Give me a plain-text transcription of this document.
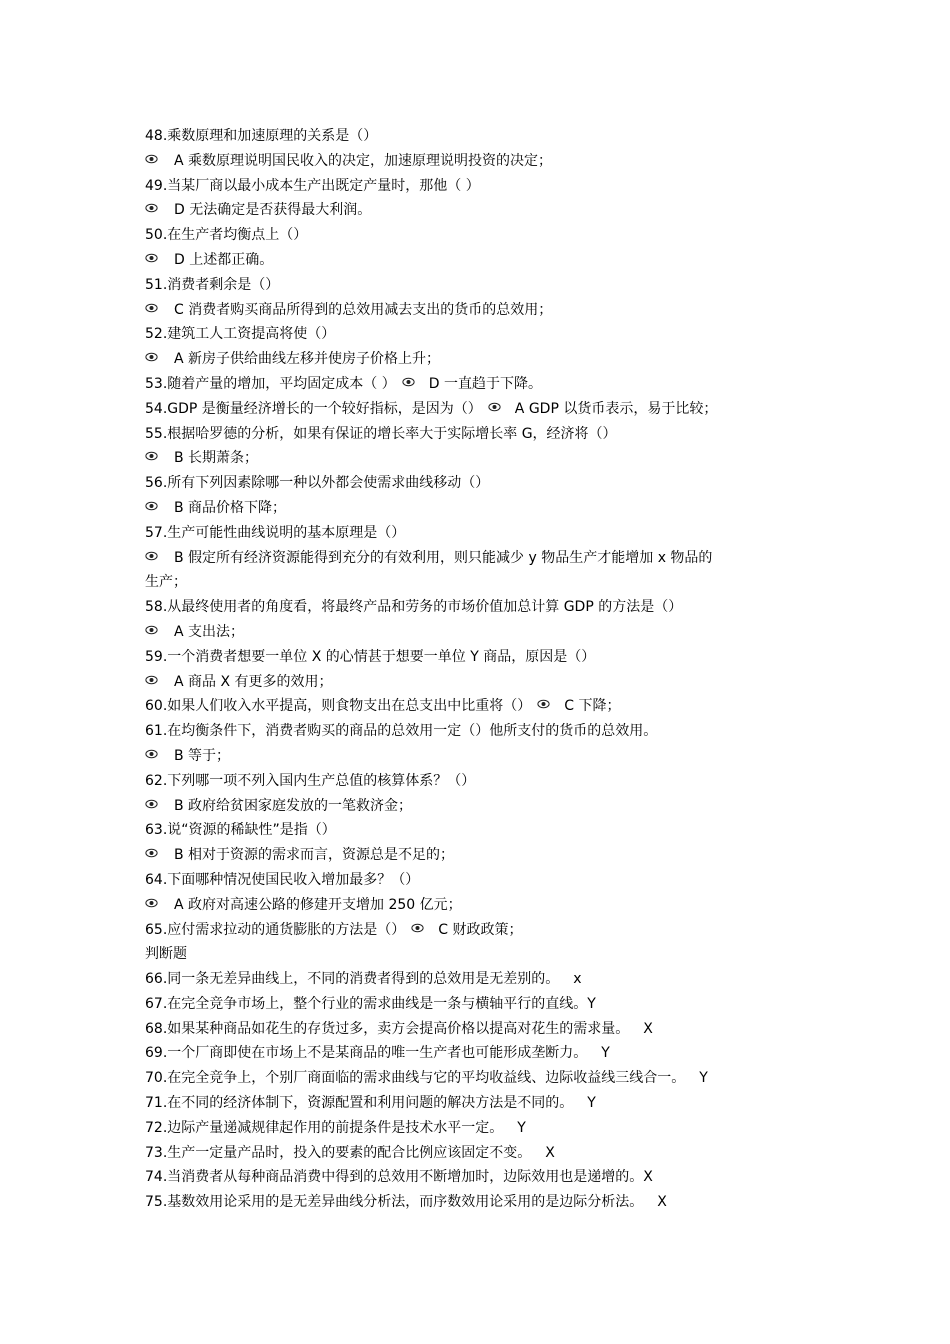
48.乘数原理和加速原理的关系是（）
A 乘数原理说明国民收入的决定，加速原理说明投资的决定；
49.当某厂商以最小成本生产出既定产量时，那他（ ）
D 无法确定是否获得最大利润。
50.在生产者均衡点上（）
D 上述都正确。
51.消费者剩余是（）
C 消费者购买商品所得到的总效用减去支出的货币的总效用；
52.建筑工人工资提高将使（）
A 新房子供给曲线左移并使房子价格上升；
53.随着产量的增加，平均固定成本（ ） D 一直趋于下降。
54.GDP 是衡量经济增长的一个较好指标，是因为（） A GDP 以货币表示，易于比较；
55.根据哈罗德的分析，如果有保证的增长率大于实际增长率 G，经济将（）
B 长期萧条；
56.所有下列因素除哪一种以外都会使需求曲线移动（）
B 商品价格下降；
57.生产可能性曲线说明的基本原理是（）
B 假定所有经济资源能得到充分的有效利用，则只能减少 y 物品生产才能增加 x 物品的
生产；
58.从最终使用者的角度看，将最终产品和劳务的市场价值加总计算 GDP 的方法是（）
A 支出法；
59.一个消费者想要一单位 X 的心情甚于想要一单位 Y 商品，原因是（）
A 商品 X 有更多的效用；
60.如果人们收入水平提高，则食物支出在总支出中比重将（） C 下降；
61.在均衡条件下，消费者购买的商品的总效用一定（）他所支付的货币的总效用。
B 等于；
62.下列哪一项不列入国内生产总值的核算体系？（）
B 政府给贫困家庭发放的一笔救济金；
63.说“资源的稀缺性”是指（）
B 相对于资源的需求而言，资源总是不足的；
64.下面哪种情况使国民收入增加最多？（）
A 政府对高速公路的修建开支增加 250 亿元；
65.应付需求拉动的通货膨胀的方法是（） C 财政政策；
判断题
66.同一条无差异曲线上，不同的消费者得到的总效用是无差别的。 x
67.在完全竞争市场上，整个行业的需求曲线是一条与横轴平行的直线。Y
68.如果某种商品如花生的存货过多，卖方会提高价格以提高对花生的需求量。 X
69.一个厂商即使在市场上不是某商品的唯一生产者也可能形成垄断力。 Y
70.在完全竞争上，个别厂商面临的需求曲线与它的平均收益线、边际收益线三线合一。 Y
71.在不同的经济体制下，资源配置和利用问题的解决方法是不同的。 Y
72.边际产量递减规律起作用的前提条件是技术水平一定。 Y
73.生产一定量产品时，投入的要素的配合比例应该固定不变。 X
74.当消费者从每种商品消费中得到的总效用不断增加时，边际效用也是递增的。X
75.基数效用论采用的是无差异曲线分析法，而序数效用论采用的是边际分析法。 X
